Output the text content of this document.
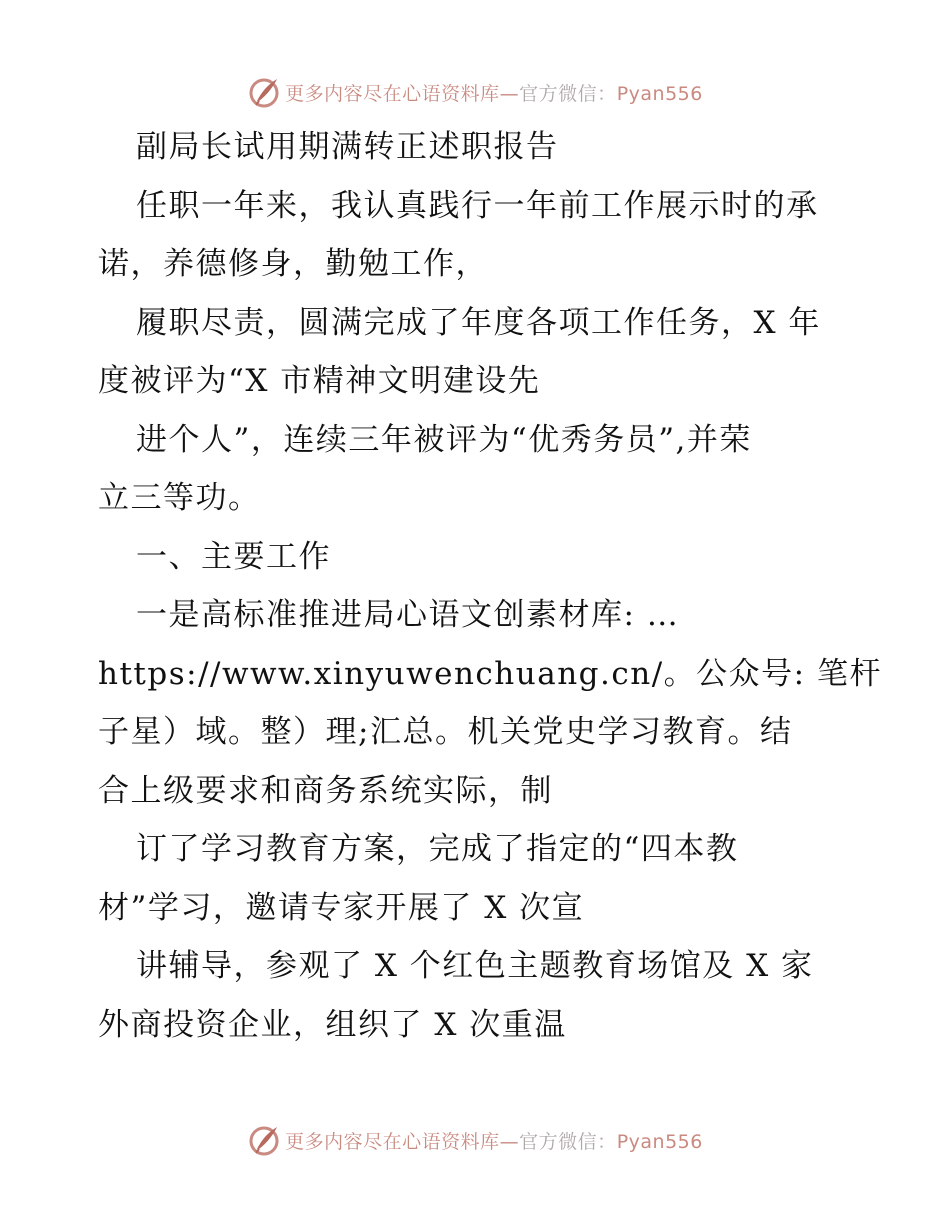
更多内容尽在心语资料库—官方微信：Pyan556
副局长试用期满转正述职报告
任职一年来，我认真践行一年前工作展示时的承
诺，养德修身，勤勉工作，
履职尽责，圆满完成了年度各项工作任务，X 年
度被评为“X 市精神文明建设先
进个人”，连续三年被评为“优秀务员”,并荣
立三等功。
一、主要工作
一是高标准推进局心语文创素材库: …
https://www.xinyuwenchuang.cn/。公众号: 笔杆
子星）域。整）理;汇总。机关党史学习教育。结
合上级要求和商务系统实际，制
订了学习教育方案，完成了指定的“四本教
材”学习，邀请专家开展了 X 次宣
讲辅导，参观了 X 个红色主题教育场馆及 X 家
外商投资企业，组织了 X 次重温
更多内容尽在心语资料库—官方微信：Pyan556
